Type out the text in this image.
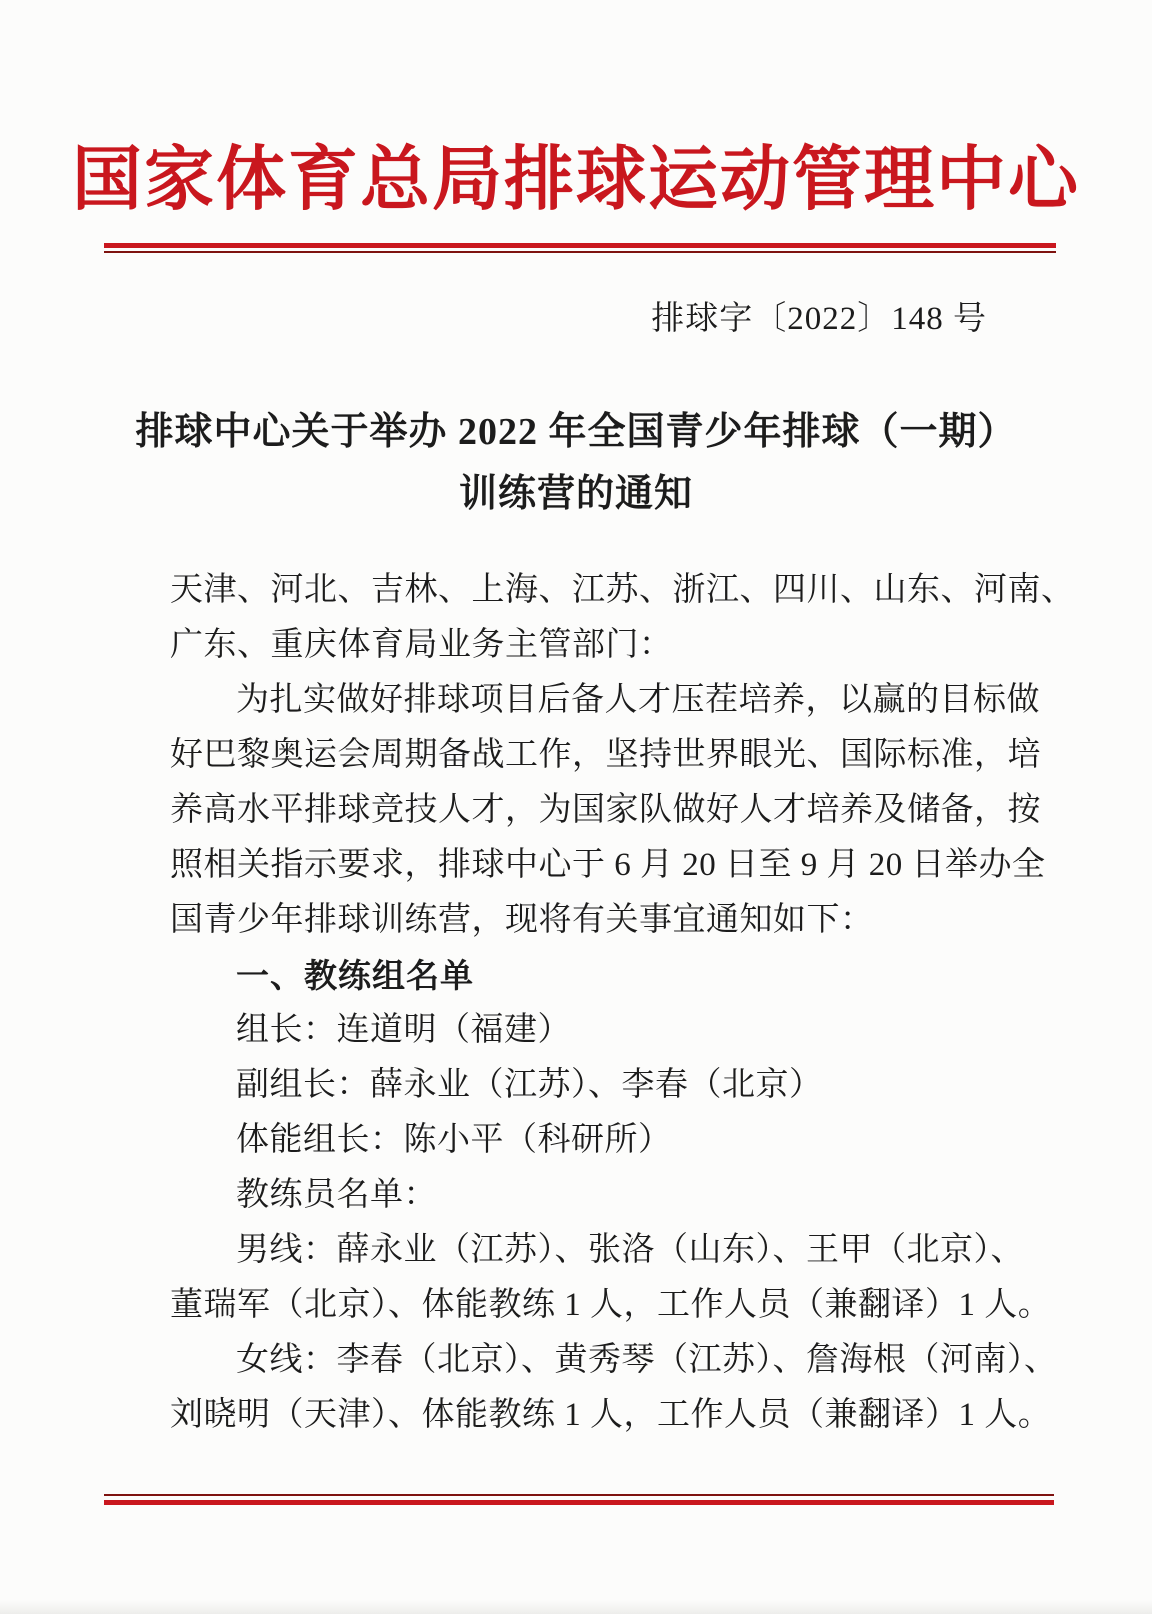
国家体育总局排球运动管理中心
排球字〔2022〕148 号
排球中心关于举办 2022 年全国青少年排球（一期）
训练营的通知
天津、河北、吉林、上海、江苏、浙江、四川、山东、河南、
广东、重庆体育局业务主管部门：
为扎实做好排球项目后备人才压茬培养，以赢的目标做
好巴黎奥运会周期备战工作，坚持世界眼光、国际标准，培
养高水平排球竞技人才，为国家队做好人才培养及储备，按
照相关指示要求，排球中心于 6 月 20 日至 9 月 20 日举办全
国青少年排球训练营，现将有关事宜通知如下：
一、教练组名单
组长：连道明（福建）
副组长：薛永业（江苏）、李春（北京）
体能组长：陈小平（科研所）
教练员名单：
男线：薛永业（江苏）、张洛（山东）、王甲（北京）、
董瑞军（北京）、体能教练 1 人，工作人员（兼翻译）1 人。
女线：李春（北京）、黄秀琴（江苏）、詹海根（河南）、
刘晓明（天津）、体能教练 1 人，工作人员（兼翻译）1 人。
